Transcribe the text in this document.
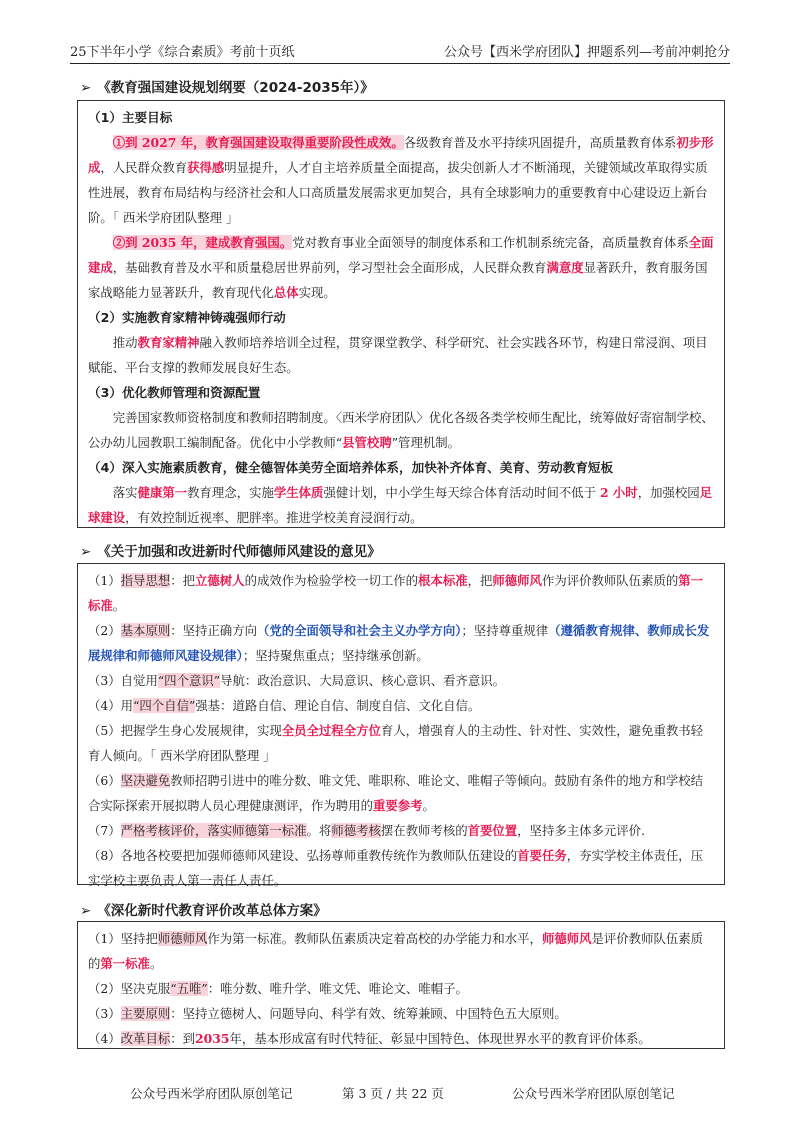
25下半年小学《综合素质》考前十页纸	公众号【西米学府团队】押题系列—考前冲刺抢分
➢ 《教育强国建设规划纲要（2024-2035年）》

（1）主要目标

①到 2027 年，教育强国建设取得重要阶段性成效。各级教育普及水平持续巩固提升，高质量教育体系初步形成，人民群众教育获得感明显提升，人才自主培养质量全面提高，拔尖创新人才不断涌现，关键领域改革取得实质性进展，教育布局结构与经济社会和人口高质量发展需求更加契合，具有全球影响力的重要教育中心建设迈上新台阶。「 西米学府团队整理 」

②到 2035 年，建成教育强国。党对教育事业全面领导的制度体系和工作机制系统完备，高质量教育体系全面建成，基础教育普及水平和质量稳居世界前列，学习型社会全面形成，人民群众教育满意度显著跃升，教育服务国家战略能力显著跃升，教育现代化总体实现。

（2）实施教育家精神铸魂强师行动

推动教育家精神融入教师培养培训全过程，贯穿课堂教学、科学研究、社会实践各环节，构建日常浸润、项目赋能、平台支撑的教师发展良好生态。

（3）优化教师管理和资源配置

完善国家教师资格制度和教师招聘制度。〈西米学府团队〉优化各级各类学校师生配比，统筹做好寄宿制学校、公办幼儿园教职工编制配备。优化中小学教师“县管校聘”管理机制。

（4）深入实施素质教育，健全德智体美劳全面培养体系，加快补齐体育、美育、劳动教育短板

落实健康第一教育理念，实施学生体质强健计划，中小学生每天综合体育活动时间不低于 2 小时，加强校园足球建设，有效控制近视率、肥胖率。推进学校美育浸润行动。

➢ 《关于加强和改进新时代师德师风建设的意见》

（1）指导思想：把立德树人的成效作为检验学校一切工作的根本标准，把师德师风作为评价教师队伍素质的第一标准。

（2）基本原则：坚持正确方向（党的全面领导和社会主义办学方向）；坚持尊重规律（遵循教育规律、教师成长发展规律和师德师风建设规律）；坚持聚焦重点；坚持继承创新。

（3）自觉用“四个意识”导航：政治意识、大局意识、核心意识、看齐意识。

（4）用“四个自信”强基：道路自信、理论自信、制度自信、文化自信。

（5）把握学生身心发展规律，实现全员全过程全方位育人，增强育人的主动性、针对性、实效性，避免重教书轻育人倾向。「 西米学府团队整理 」

（6）坚决避免教师招聘引进中的唯分数、唯文凭、唯职称、唯论文、唯帽子等倾向。鼓励有条件的地方和学校结合实际探索开展拟聘人员心理健康测评，作为聘用的重要参考。

（7）严格考核评价，落实师德第一标准。将师德考核摆在教师考核的首要位置，坚持多主体多元评价.

（8）各地各校要把加强师德师风建设、弘扬尊师重教传统作为教师队伍建设的首要任务，夯实学校主体责任，压实学校主要负责人第一责任人责任。

➢ 《深化新时代教育评价改革总体方案》

（1）坚持把师德师风作为第一标准。教师队伍素质决定着高校的办学能力和水平，师德师风是评价教师队伍素质的第一标准。

（2）坚决克服“五唯”：唯分数、唯升学、唯文凭、唯论文、唯帽子。

（3）主要原则：坚持立德树人、问题导向、科学有效、统筹兼顾、中国特色五大原则。

（4）改革目标：到2035年，基本形成富有时代特征、彰显中国特色、体现世界水平的教育评价体系。

公众号西米学府团队原创笔记	第 3 页 / 共 22 页	公众号西米学府团队原创笔记
